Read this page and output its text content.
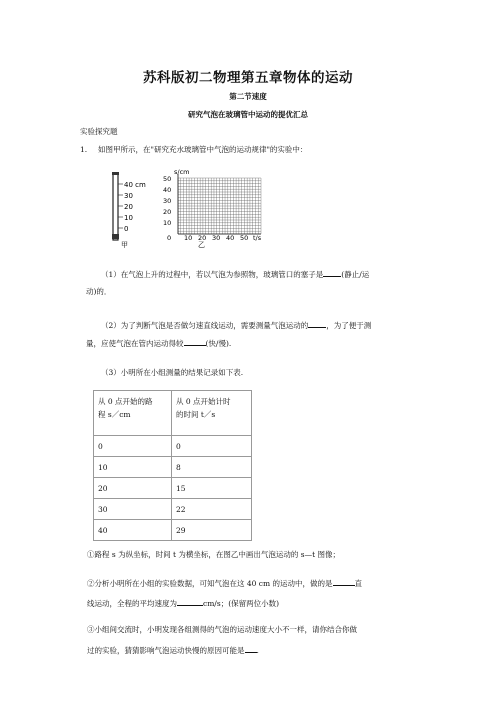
苏科版初二物理第五章物体的运动
第二节速度
研究气泡在玻璃管中运动的提优汇总
实验探究题
1. 如图甲所示，在"研究充水玻璃管中气泡的运动规律"的实验中：
40 cm
30
20
10
0
甲
s/cm
50
40
30
20
10
0 10 20 30 40 50 t/s
乙
（1）在气泡上升的过程中，若以气泡为参照物，玻璃管口的塞子是 (静止/运
动)的．
（2）为了判断气泡是否做匀速直线运动，需要测量气泡运动的 ，为了便于测
量，应使气泡在管内运动得较	(快/慢).
（3）小明所在小组测量的结果记录如下表.
从 0 点开始的路
程 s／cm	从 0 点开始计时
的时间 t／s
0	0
10	8
20	15
30	22
40	29
①路程 s 为纵坐标，时间 t 为横坐标，在图乙中画出气泡运动的 s—t 图像；
②分析小明所在小组的实验数据，可知气泡在这 40 cm 的运动中，做的是	直
线运动，全程的平均速度为	cm/s；(保留两位小数)
③小组间交流时，小明发现各组测得的气泡的运动速度大小不一样，请你结合你做
过的实验，猜猜影响气泡运动快慢的原因可能是 .
